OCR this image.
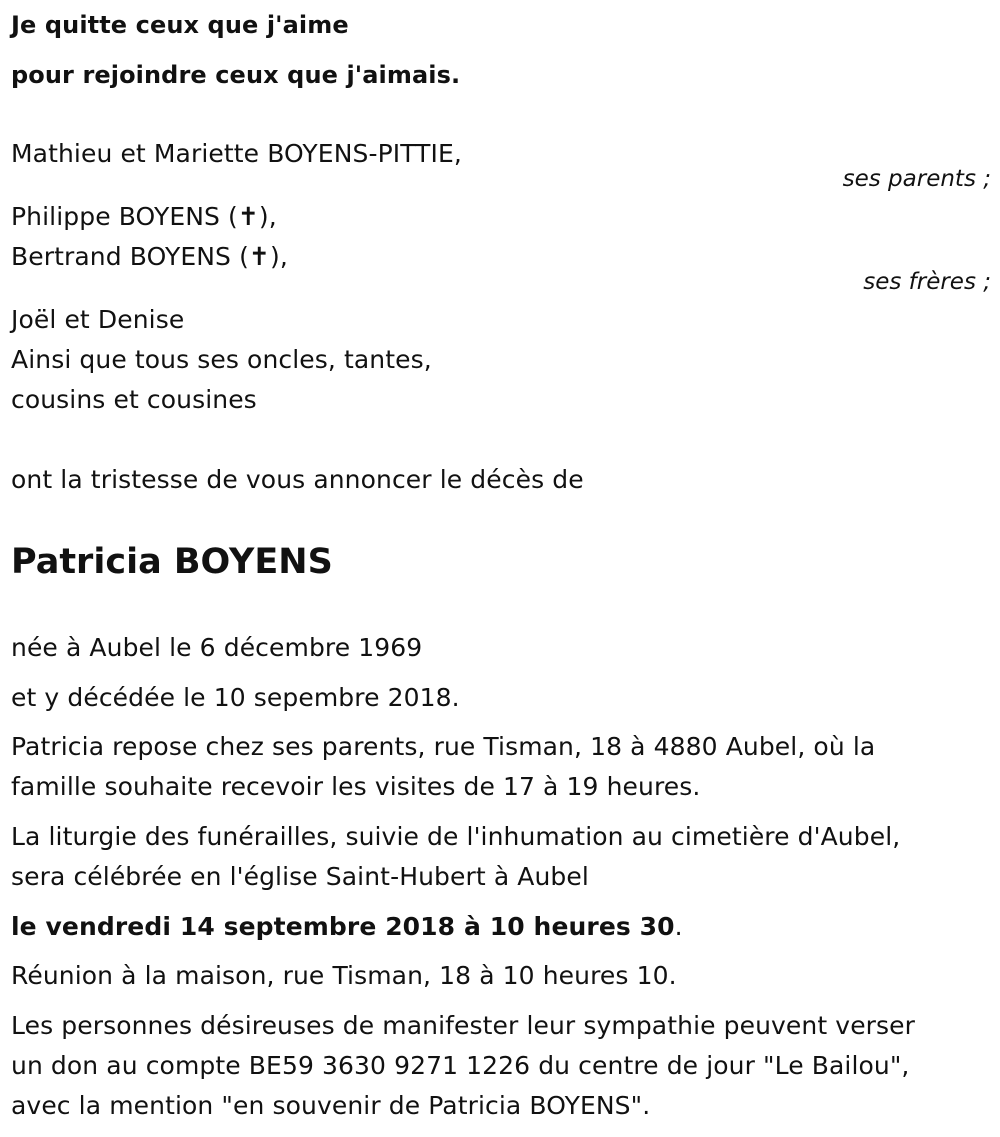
Je quitte ceux que j'aime
pour rejoindre ceux que j'aimais.
Mathieu et Mariette BOYENS-PITTIE,
ses parents ;
Philippe BOYENS (✝),
Bertrand BOYENS (✝),
ses frères ;
Joël et Denise
Ainsi que tous ses oncles, tantes,
cousins et cousines
ont la tristesse de vous annoncer le décès de
Patricia BOYENS
née à Aubel le 6 décembre 1969
et y décédée le 10 sepembre 2018.
Patricia repose chez ses parents, rue Tisman, 18 à 4880 Aubel, où la
famille souhaite recevoir les visites de 17 à 19 heures.
La liturgie des funérailles, suivie de l'inhumation au cimetière d'Aubel,
sera célébrée en l'église Saint-Hubert à Aubel
le vendredi 14 septembre 2018 à 10 heures 30.
Réunion à la maison, rue Tisman, 18 à 10 heures 10.
Les personnes désireuses de manifester leur sympathie peuvent verser
un don au compte BE59 3630 9271 1226 du centre de jour "Le Bailou",
avec la mention "en souvenir de Patricia BOYENS".
